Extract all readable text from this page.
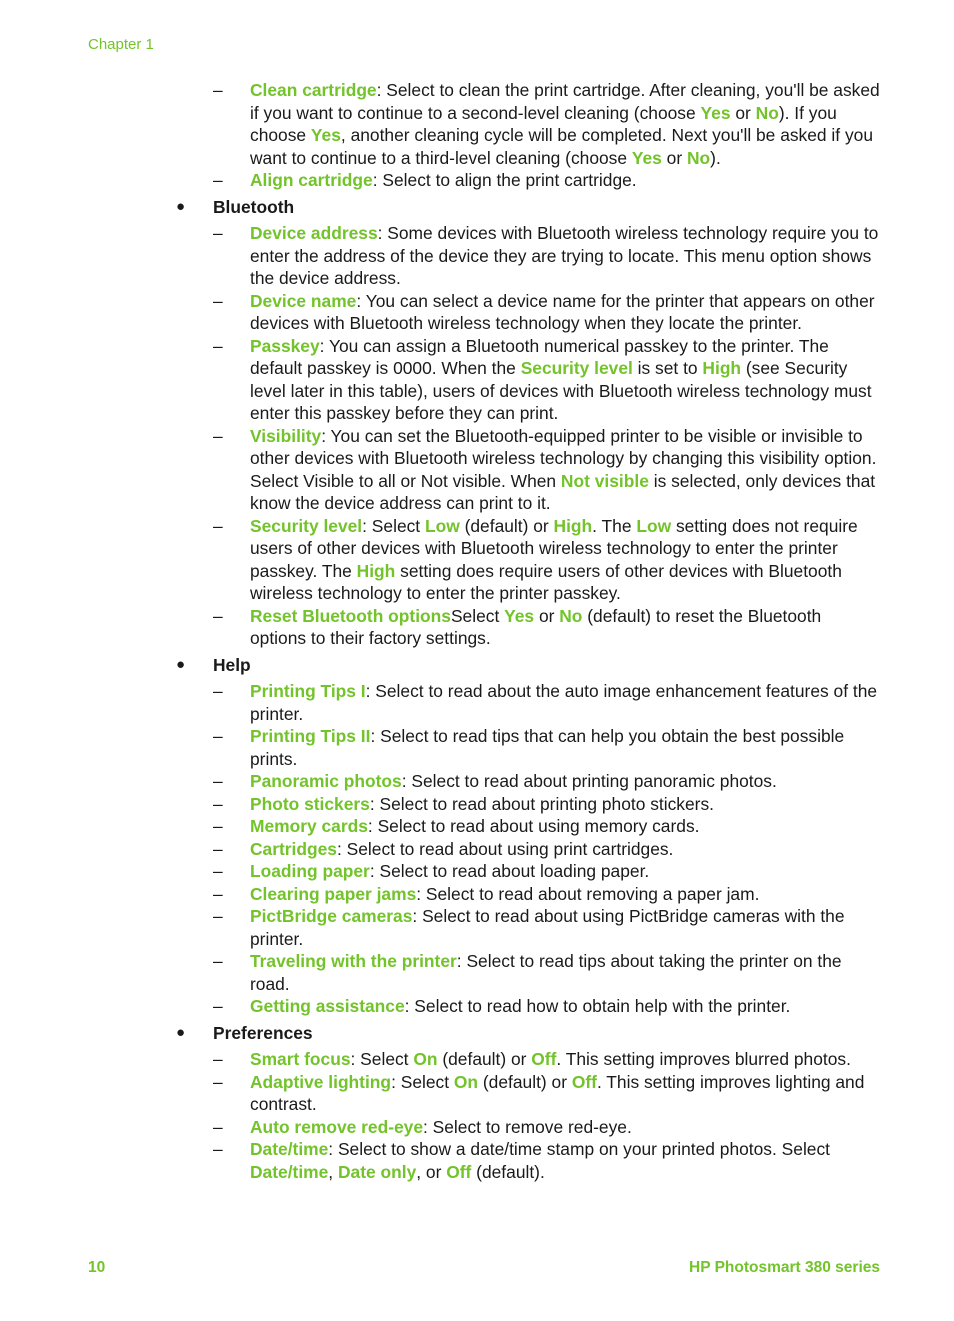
Chapter 1

– Clean cartridge: Select to clean the print cartridge. After cleaning, you'll be asked if you want to continue to a second-level cleaning (choose Yes or No). If you choose Yes, another cleaning cycle will be completed. Next you'll be asked if you want to continue to a third-level cleaning (choose Yes or No).

– Align cartridge: Select to align the print cartridge.

● Bluetooth

– Device address: Some devices with Bluetooth wireless technology require you to enter the address of the device they are trying to locate. This menu option shows the device address.

– Device name: You can select a device name for the printer that appears on other devices with Bluetooth wireless technology when they locate the printer.

– Passkey: You can assign a Bluetooth numerical passkey to the printer. The default passkey is 0000. When the Security level is set to High (see Security level later in this table), users of devices with Bluetooth wireless technology must enter this passkey before they can print.

– Visibility: You can set the Bluetooth-equipped printer to be visible or invisible to other devices with Bluetooth wireless technology by changing this visibility option. Select Visible to all or Not visible. When Not visible is selected, only devices that know the device address can print to it.

– Security level: Select Low (default) or High. The Low setting does not require users of other devices with Bluetooth wireless technology to enter the printer passkey. The High setting does require users of other devices with Bluetooth wireless technology to enter the printer passkey.

– Reset Bluetooth optionsSelect Yes or No (default) to reset the Bluetooth options to their factory settings.

● Help

– Printing Tips I: Select to read about the auto image enhancement features of the printer.

– Printing Tips II: Select to read tips that can help you obtain the best possible prints.

– Panoramic photos: Select to read about printing panoramic photos.

– Photo stickers: Select to read about printing photo stickers.

– Memory cards: Select to read about using memory cards.

– Cartridges: Select to read about using print cartridges.

– Loading paper: Select to read about loading paper.

– Clearing paper jams: Select to read about removing a paper jam.

– PictBridge cameras: Select to read about using PictBridge cameras with the printer.

– Traveling with the printer: Select to read tips about taking the printer on the road.

– Getting assistance: Select to read how to obtain help with the printer.

● Preferences

– Smart focus: Select On (default) or Off. This setting improves blurred photos.

– Adaptive lighting: Select On (default) or Off. This setting improves lighting and contrast.

– Auto remove red-eye: Select to remove red-eye.

– Date/time: Select to show a date/time stamp on your printed photos. Select Date/time, Date only, or Off (default).

10	HP Photosmart 380 series
